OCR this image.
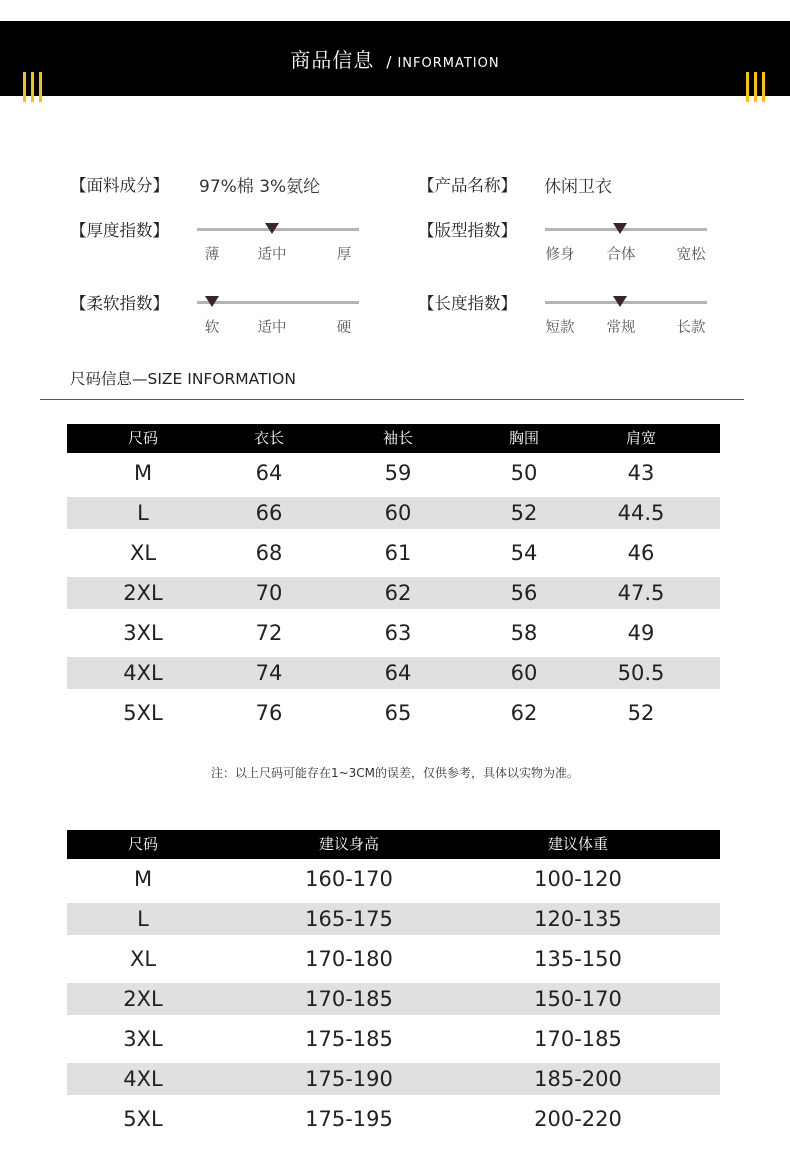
商品信息 / INFORMATION
【面料成分】 97%棉 3%氨纶	【产品名称】 休闲卫衣
【厚度指数】
薄	适中	厚
【版型指数】
修身 合体	宽松
【柔软指数】
软	适中	硬
【长度指数】
短款 常规	长款
尺码信息—SIZE INFORMATION
尺码	衣长	袖长	胸围	肩宽
M	64	59	50	43
L	66	60	52	44.5
XL	68	61	54	46
2XL	70	62	56	47.5
3XL	72	63	58	49
4XL	74	64	60	50.5
5XL	76	65	62	52
注：以上尺码可能存在1~3CM的误差，仅供参考，具体以实物为准。
尺码	建议身高	建议体重
M	160-170	100-120
L	165-175	120-135
XL	170-180	135-150
2XL	170-185	150-170
3XL	175-185	170-185
4XL	175-190	185-200
5XL	175-195	200-220
